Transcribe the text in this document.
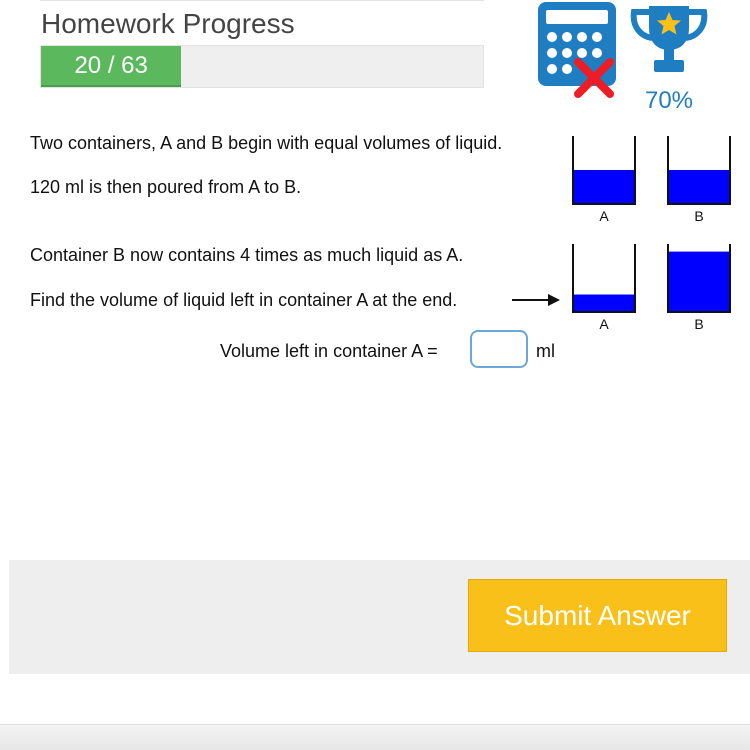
Homework Progress
20 / 63
70%
Two containers, A and B begin with equal volumes of liquid.
120 ml is then poured from A to B.
Container B now contains 4 times as much liquid as A.
Find the volume of liquid left in container A at the end.
A	B
A	B
Volume left in container A =	ml
Submit Answer
